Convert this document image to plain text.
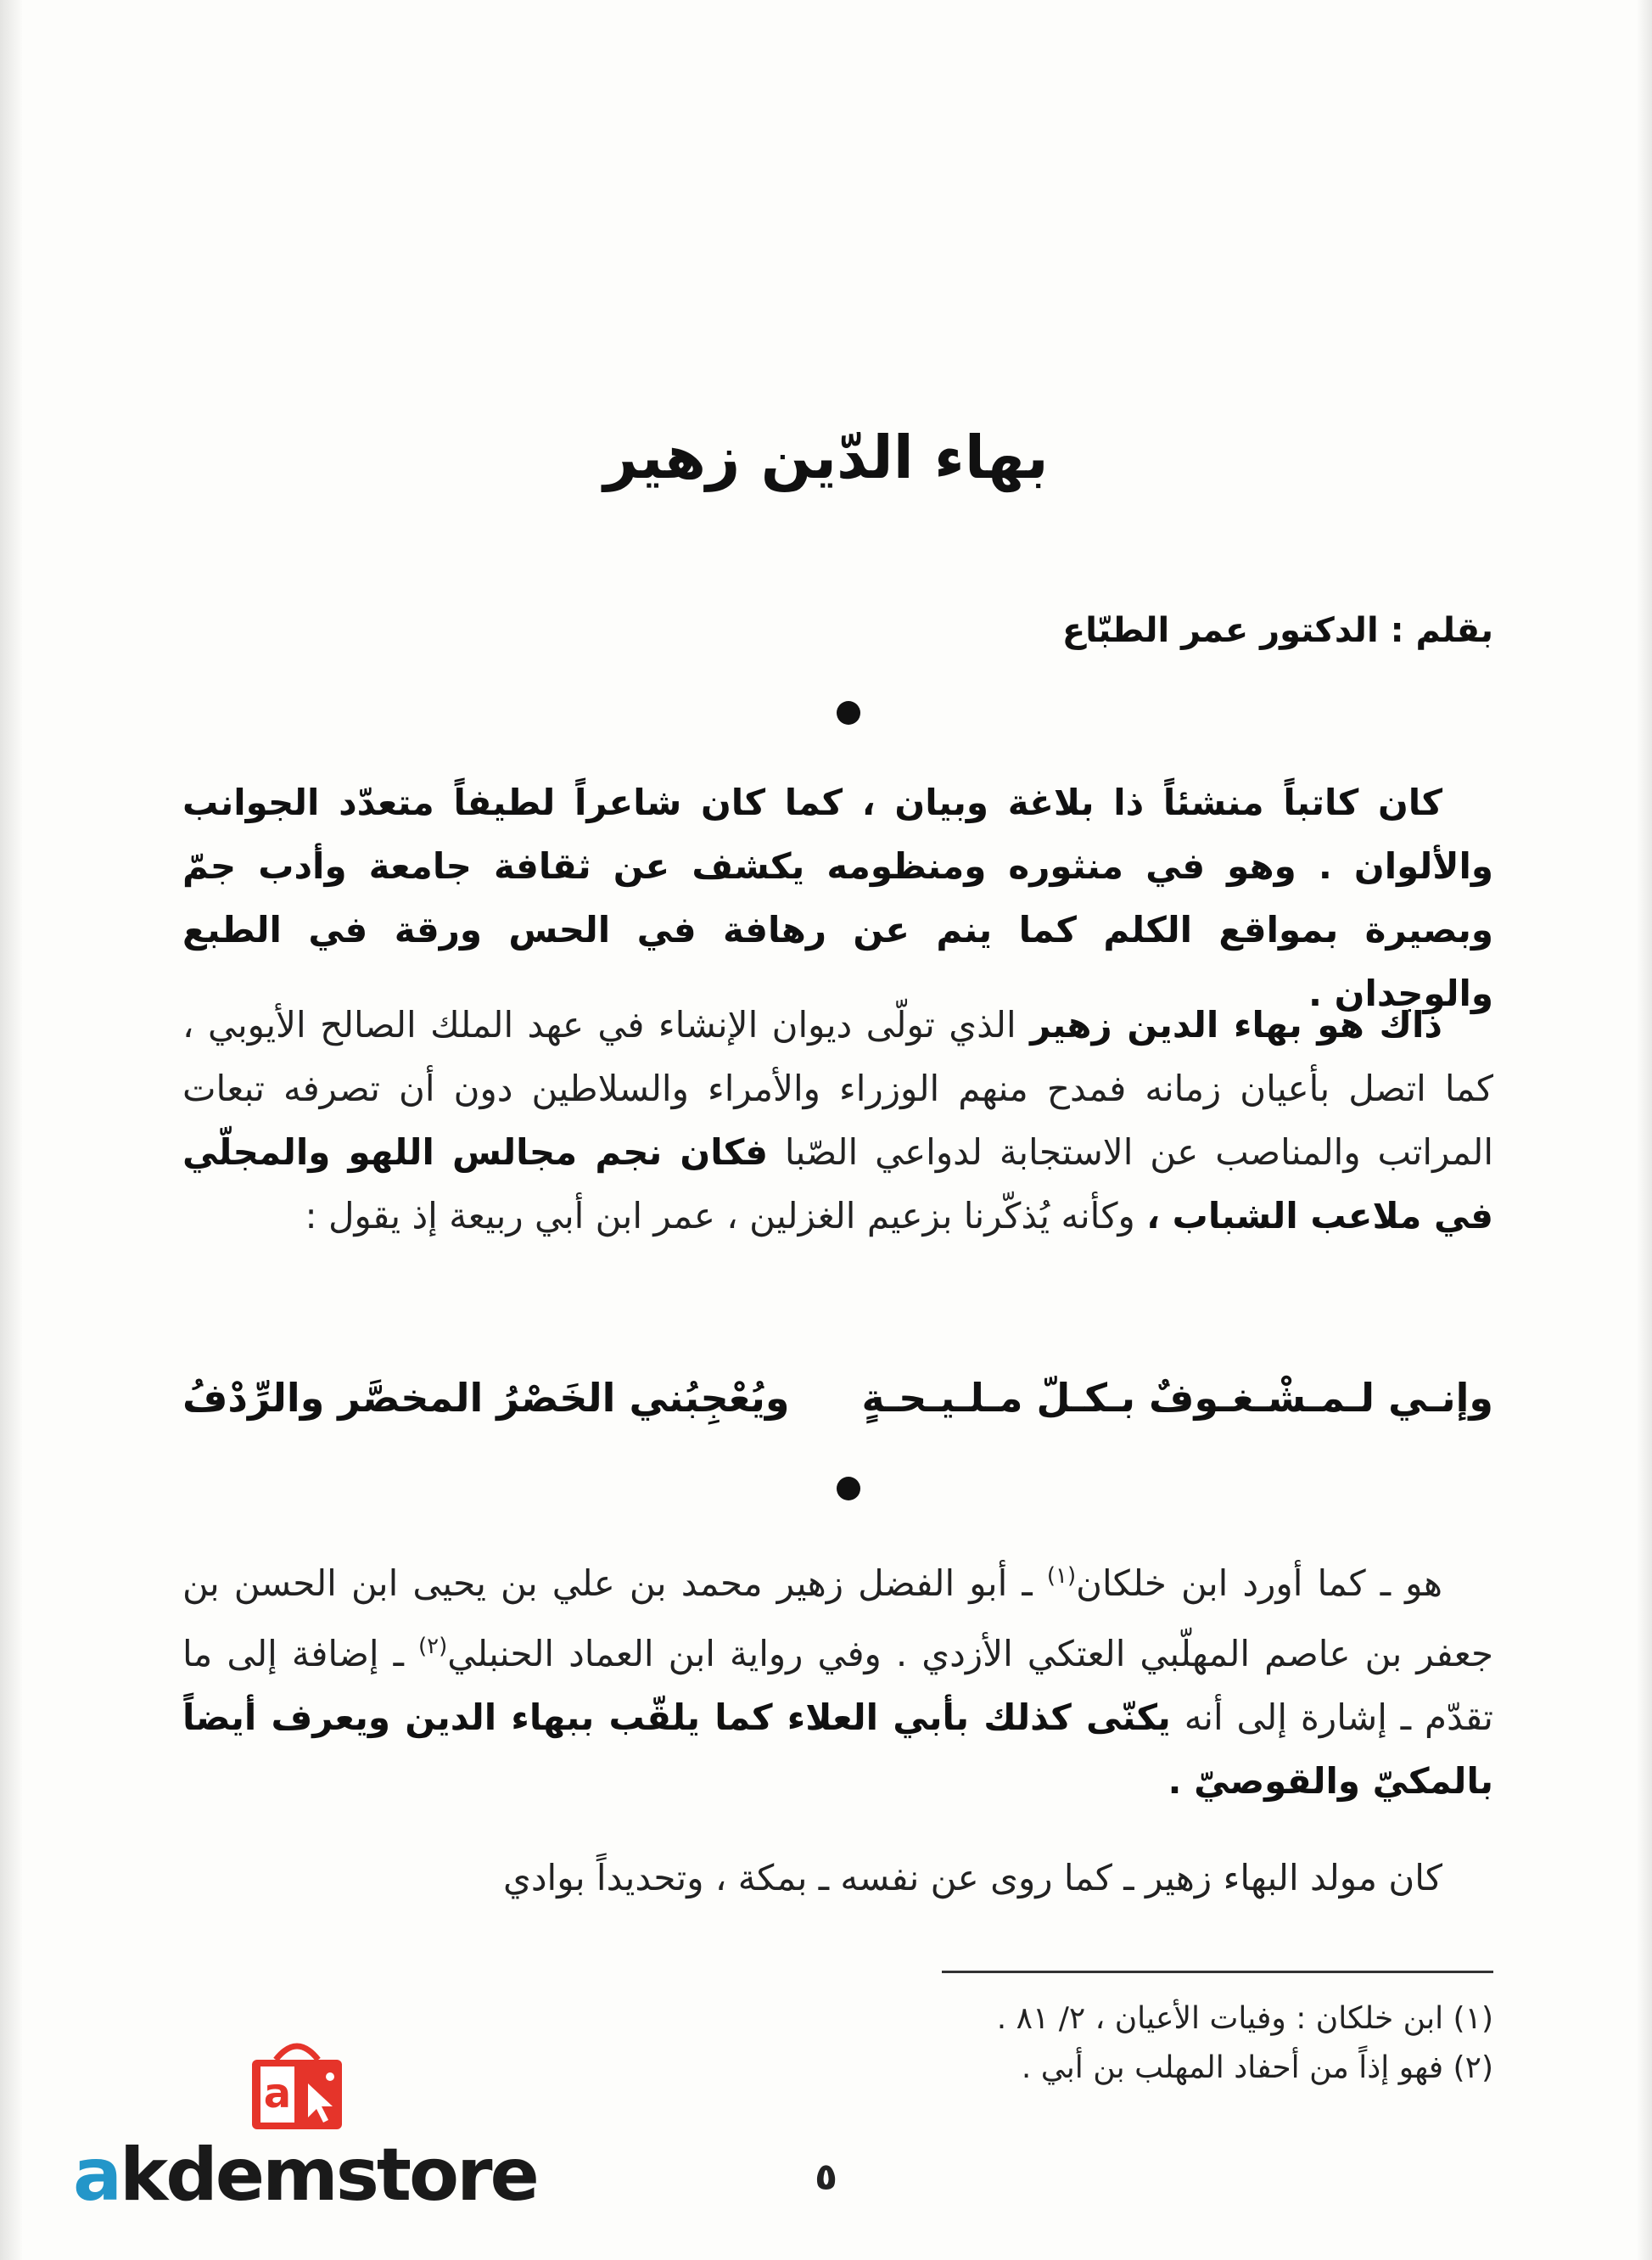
بهاء الدّين زهير
بقلم : الدكتور عمر الطبّاع

كان كاتباً منشئاً ذا بلاغة وبيان ، كما كان شاعراً لطيفاً متعدّد الجوانب والألوان . وهو في منثوره ومنظومه يكشف عن ثقافة جامعة وأدب جمّ وبصيرة بمواقع الكلم كما ينم عن رهافة في الحس ورقة في الطبع والوجدان .

ذاك هو بهاء الدين زهير الذي تولّى ديوان الإنشاء في عهد الملك الصالح الأيوبي ، كما اتصل بأعيان زمانه فمدح منهم الوزراء والأمراء والسلاطين دون أن تصرفه تبعات المراتب والمناصب عن الاستجابة لدواعي الصّبا فكان نجم مجالس اللهو والمجلّي في ملاعب الشباب ، وكأنه يُذكّرنا بزعيم الغزلين ، عمر ابن أبي ربيعة إذ يقول :

وإنـي لـمـشْـغـوفٌ بـكـلّ مـلـيـحـةٍ
ويُعْجِبُني الخَصْرُ المخصَّر والرِّدْفُ

هو ـ كما أورد ابن خلكان$^{(١)}$ ـ أبو الفضل زهير محمد بن علي بن يحيى ابن الحسن بن جعفر بن عاصم المهلّبي العتكي الأزدي . وفي رواية ابن العماد الحنبلي$^{(٢)}$ ـ إضافة إلى ما تقدّم ـ إشارة إلى أنه يكنّى كذلك بأبي العلاء كما يلقّب ببهاء الدين ويعرف أيضاً بالمكيّ والقوصيّ .

كان مولد البهاء زهير ـ كما روى عن نفسه ـ بمكة ، وتحديداً بوادي

(١) ابن خلكان : وفيات الأعيان ، ٢/ ٨١ .
(٢) فهو إذاً من أحفاد المهلب بن أبي .
٥
a
akdemstore
